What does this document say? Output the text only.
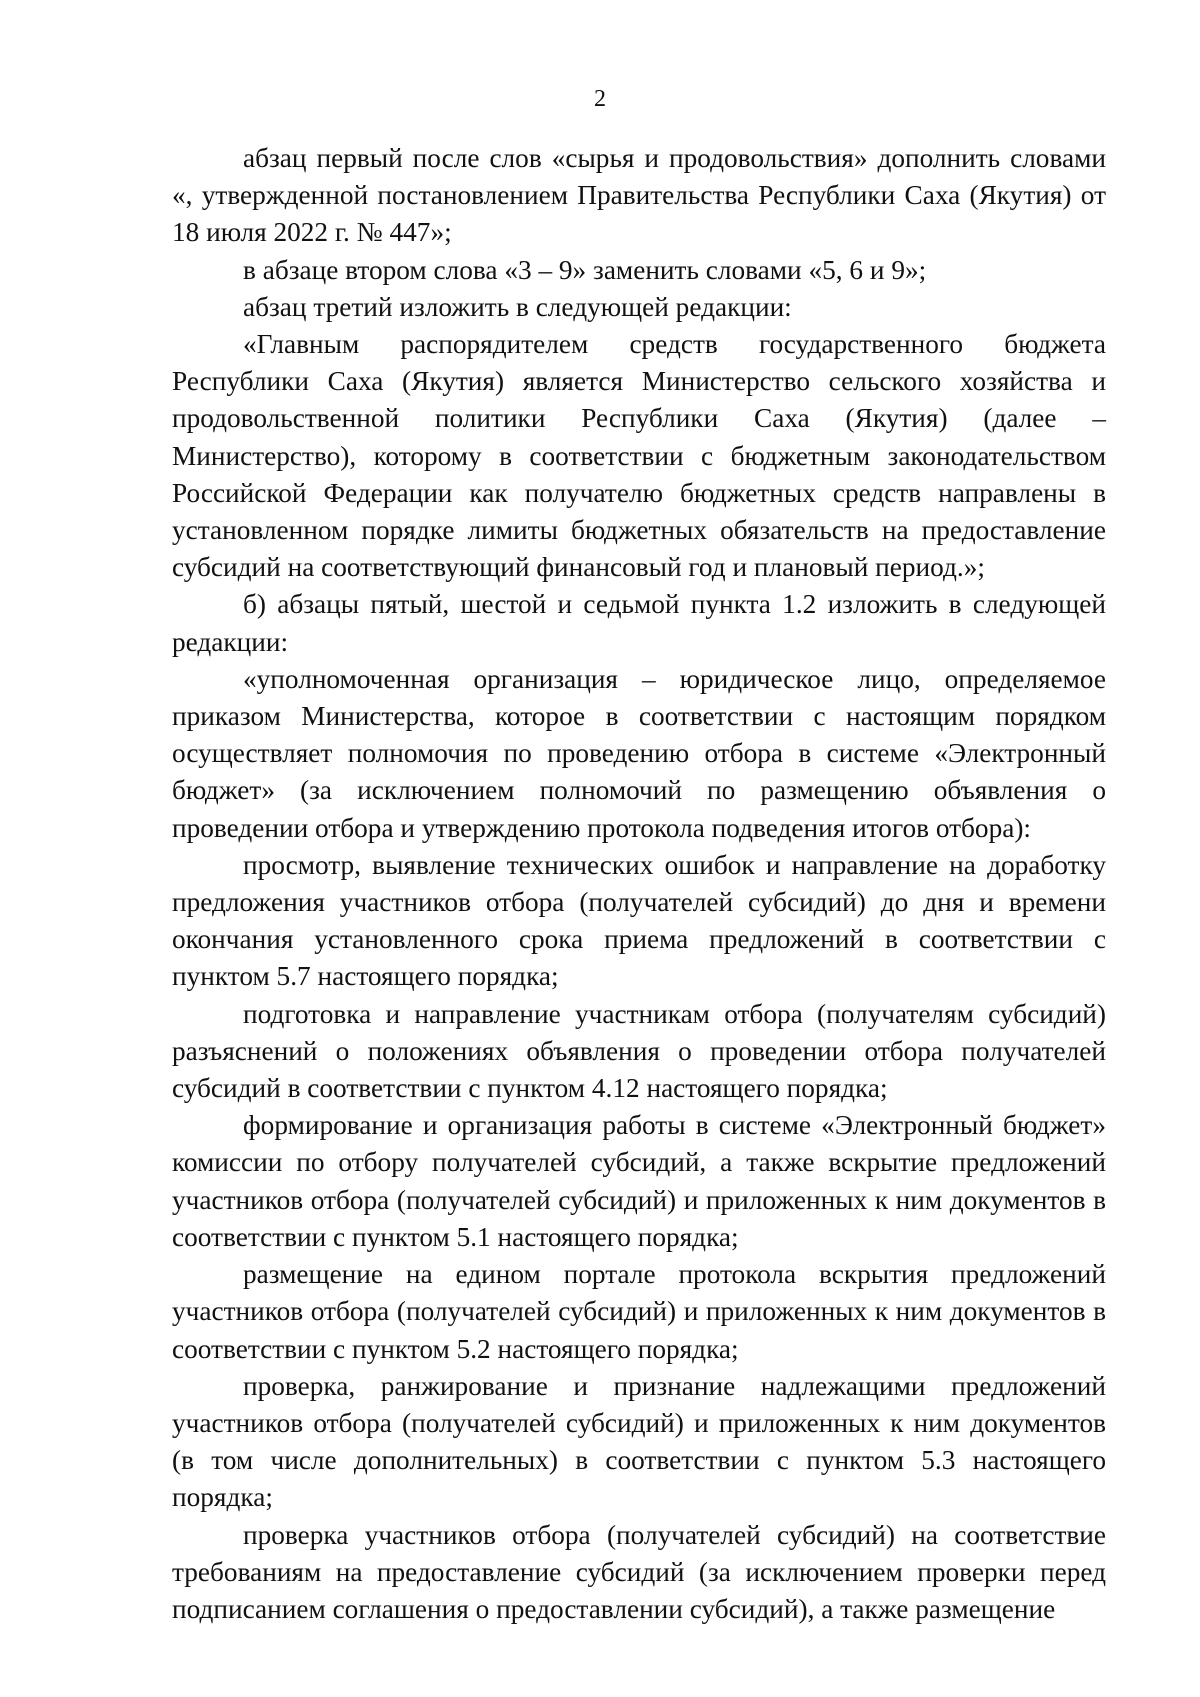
2

абзац первый после слов «сырья и продовольствия» дополнить словами «, утвержденной постановлением Правительства Республики Саха (Якутия) от 18 июля 2022 г. № 447»;

в абзаце втором слова «3 – 9» заменить словами «5, 6 и 9»;

абзац третий изложить в следующей редакции:

«Главным распорядителем средств государственного бюджета Республики Саха (Якутия) является Министерство сельского хозяйства и продовольственной политики Республики Саха (Якутия) (далее – Министерство), которому в соответствии с бюджетным законодательством Российской Федерации как получателю бюджетных средств направлены в установленном порядке лимиты бюджетных обязательств на предоставление субсидий на соответствующий финансовый год и плановый период.»;

б) абзацы пятый, шестой и седьмой пункта 1.2 изложить в следующей редакции:

«уполномоченная организация – юридическое лицо, определяемое приказом Министерства, которое в соответствии с настоящим порядком осуществляет полномочия по проведению отбора в системе «Электронный бюджет» (за исключением полномочий по размещению объявления о проведении отбора и утверждению протокола подведения итогов отбора):

просмотр, выявление технических ошибок и направление на доработку предложения участников отбора (получателей субсидий) до дня и времени окончания установленного срока приема предложений в соответствии с пунктом 5.7 настоящего порядка;

подготовка и направление участникам отбора (получателям субсидий) разъяснений о положениях объявления о проведении отбора получателей субсидий в соответствии с пунктом 4.12 настоящего порядка;

формирование и организация работы в системе «Электронный бюджет» комиссии по отбору получателей субсидий, а также вскрытие предложений участников отбора (получателей субсидий) и приложенных к ним документов в соответствии с пунктом 5.1 настоящего порядка;

размещение на едином портале протокола вскрытия предложений участников отбора (получателей субсидий) и приложенных к ним документов в соответствии с пунктом 5.2 настоящего порядка;

проверка, ранжирование и признание надлежащими предложений участников отбора (получателей субсидий) и приложенных к ним документов (в том числе дополнительных) в соответствии с пунктом 5.3 настоящего порядка;

проверка участников отбора (получателей субсидий) на соответствие требованиям на предоставление субсидий (за исключением проверки перед подписанием соглашения о предоставлении субсидий), а также размещение
